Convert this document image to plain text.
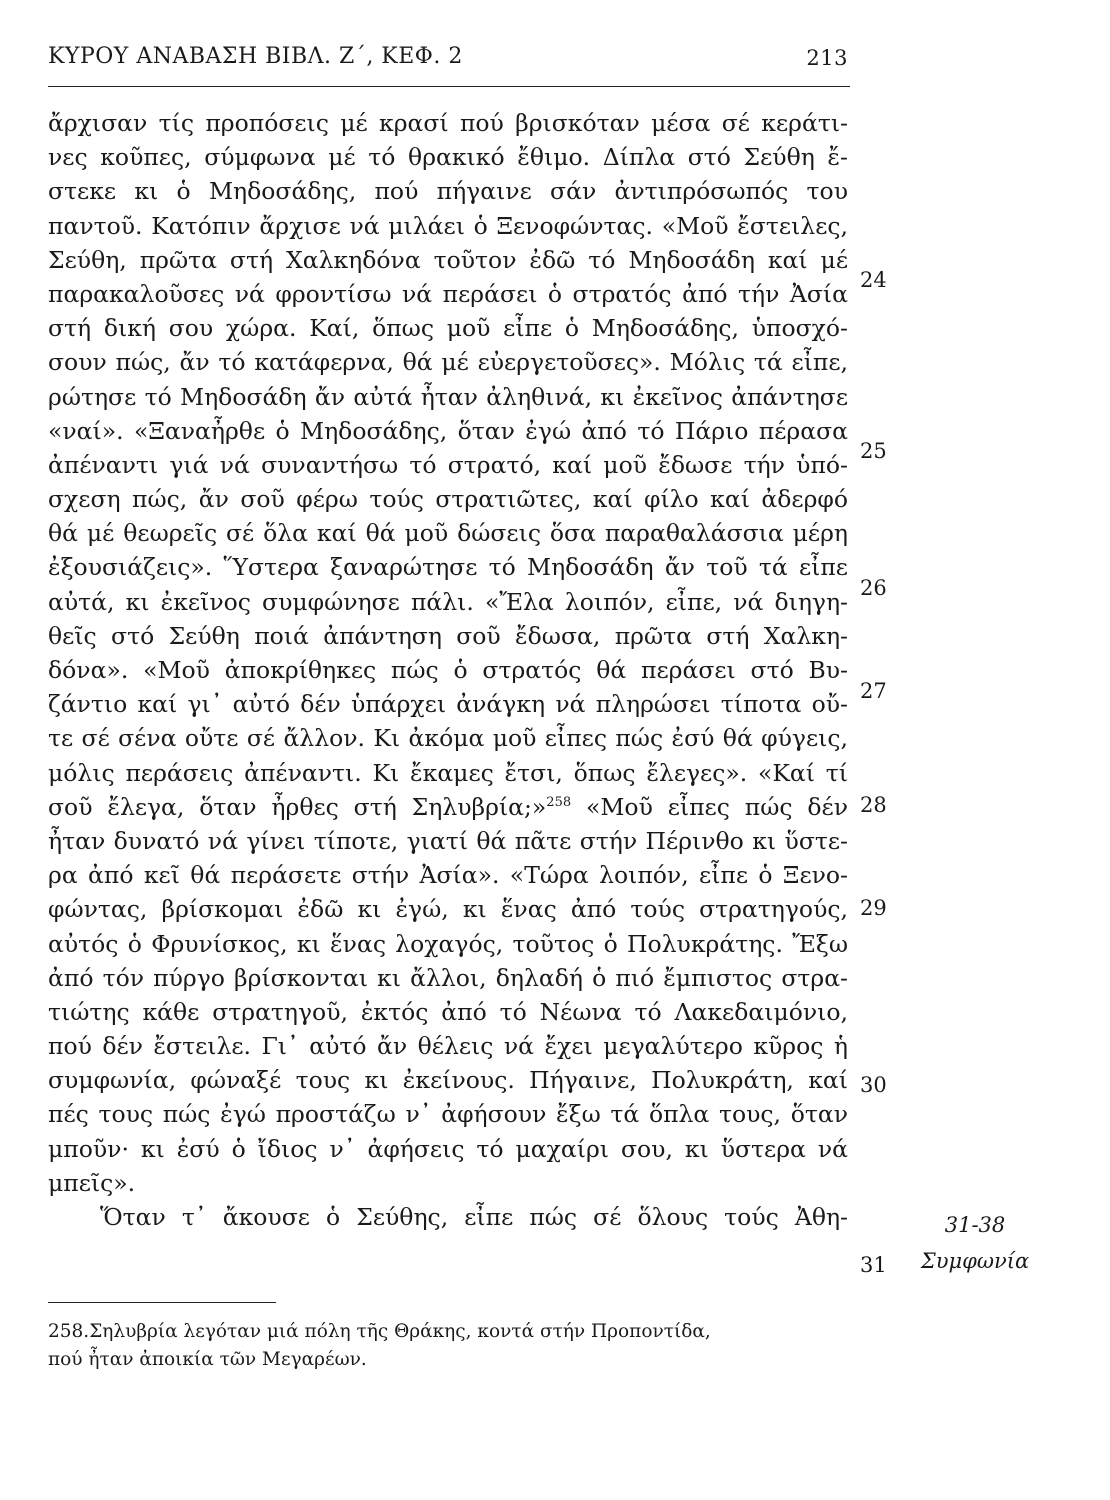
ΚΥΡΟΥ ΑΝΑΒΑΣΗ ΒΙΒΛ. Ζ΄, ΚΕΦ. 2	213
ἄρχισαν τίς προπόσεις μέ κρασί πού βρισκόταν μέσα σέ κεράτι-
νες κοῦπες, σύμφωνα μέ τό θρακικό ἔθιμο. Δίπλα στό Σεύθη ἔ-
στεκε κι ὁ Μηδοσάδης, πού πήγαινε σάν ἀντιπρόσωπός του
παντοῦ. Κατόπιν ἄρχισε νά μιλάει ὁ Ξενοφώντας. «Μοῦ ἔστειλες,
Σεύθη, πρῶτα στή Χαλκηδόνα τοῦτον ἐδῶ τό Μηδοσάδη καί μέ
παρακαλοῦσες νά φροντίσω νά περάσει ὁ στρατός ἀπό τήν Ἀσία
στή δική σου χώρα. Καί, ὅπως μοῦ εἶπε ὁ Μηδοσάδης, ὑποσχό-
σουν πώς, ἄν τό κατάφερνα, θά μέ εὐεργετοῦσες». Μόλις τά εἶπε,
ρώτησε τό Μηδοσάδη ἄν αὐτά ἦταν ἀληθινά, κι ἐκεῖνος ἀπάντησε
«ναί». «Ξαναἦρθε ὁ Μηδοσάδης, ὅταν ἐγώ ἀπό τό Πάριο πέρασα
ἀπέναντι γιά νά συναντήσω τό στρατό, καί μοῦ ἔδωσε τήν ὑπό-
σχεση πώς, ἄν σοῦ φέρω τούς στρατιῶτες, καί φίλο καί ἀδερφό
θά μέ θεωρεῖς σέ ὅλα καί θά μοῦ δώσεις ὅσα παραθαλάσσια μέρη
ἐξουσιάζεις». Ὕστερα ξαναρώτησε τό Μηδοσάδη ἄν τοῦ τά εἶπε
αὐτά, κι ἐκεῖνος συμφώνησε πάλι. «Ἔλα λοιπόν, εἶπε, νά διηγη-
θεῖς στό Σεύθη ποιά ἀπάντηση σοῦ ἔδωσα, πρῶτα στή Χαλκη-
δόνα». «Μοῦ ἀποκρίθηκες πώς ὁ στρατός θά περάσει στό Βυ-
ζάντιο καί γι᾽ αὐτό δέν ὑπάρχει ἀνάγκη νά πληρώσει τίποτα οὔ-
τε σέ σένα οὔτε σέ ἄλλον. Κι ἀκόμα μοῦ εἶπες πώς ἐσύ θά φύγεις,
μόλις περάσεις ἀπέναντι. Κι ἔκαμες ἔτσι, ὅπως ἔλεγες». «Καί τί
σοῦ ἔλεγα, ὅταν ἦρθες στή Σηλυβρία;»$^{258}$ «Μοῦ εἶπες πώς δέν
ἦταν δυνατό νά γίνει τίποτε, γιατί θά πᾶτε στήν Πέρινθο κι ὕστε-
ρα ἀπό κεῖ θά περάσετε στήν Ἀσία». «Τώρα λοιπόν, εἶπε ὁ Ξενο-
φώντας, βρίσκομαι ἐδῶ κι ἐγώ, κι ἕνας ἀπό τούς στρατηγούς,
αὐτός ὁ Φρυνίσκος, κι ἕνας λοχαγός, τοῦτος ὁ Πολυκράτης. Ἔξω
ἀπό τόν πύργο βρίσκονται κι ἄλλοι, δηλαδή ὁ πιό ἔμπιστος στρα-
τιώτης κάθε στρατηγοῦ, ἐκτός ἀπό τό Νέωνα τό Λακεδαιμόνιο,
πού δέν ἔστειλε. Γι᾽ αὐτό ἄν θέλεις νά ἔχει μεγαλύτερο κῦρος ἡ
συμφωνία, φώναξέ τους κι ἐκείνους. Πήγαινε, Πολυκράτη, καί
πές τους πώς ἐγώ προστάζω ν᾽ ἀφήσουν ἔξω τά ὅπλα τους, ὅταν
μποῦν· κι ἐσύ ὁ ἴδιος ν᾽ ἀφήσεις τό μαχαίρι σου, κι ὕστερα νά
μπεῖς».
Ὅταν τ᾽ ἄκουσε ὁ Σεύθης, εἶπε πώς σέ ὅλους τούς Ἀθη-
24
25
26
27
28
29
30
31
31-38
Συμφωνία
258.Σηλυβρία λεγόταν μιά πόλη τῆς Θράκης, κοντά στήν Προποντίδα,
πού ἦταν ἀποικία τῶν Μεγαρέων.
